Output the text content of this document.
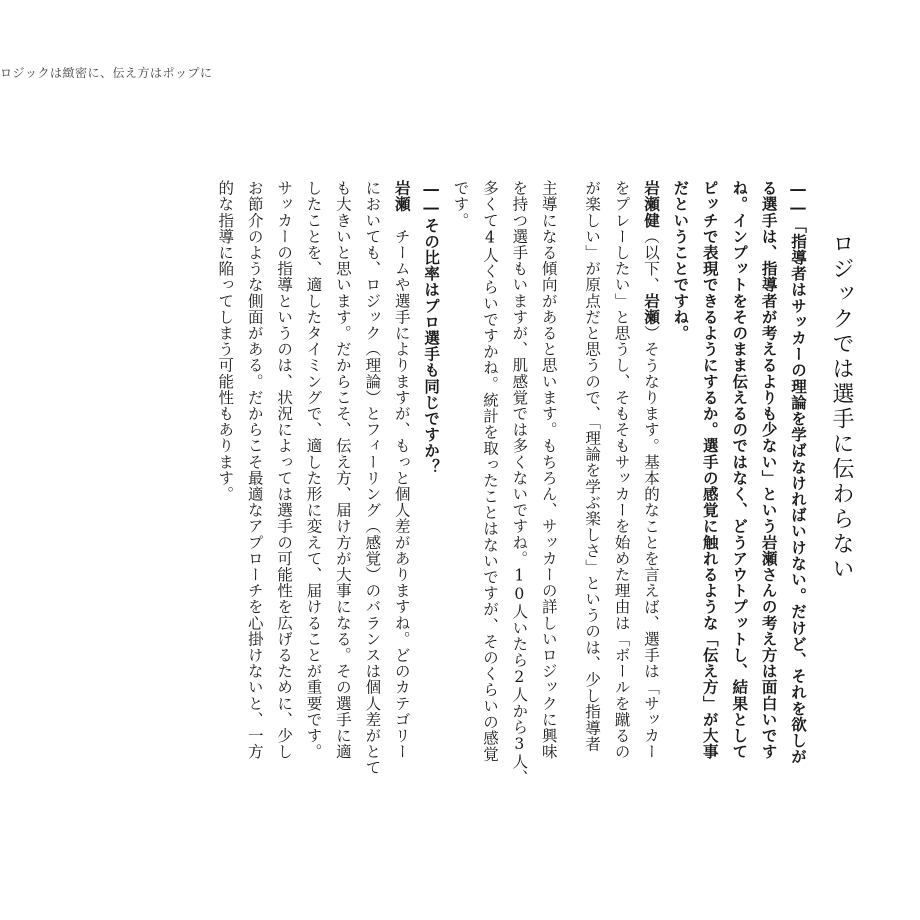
ロジックは緻密に、伝え方はポップに
ロジックでは選手に伝わらない
――「指導者はサッカーの理論を学ばなければいけない。だけど、それを欲しが
る選手は、指導者が考えるよりも少ない」という岩瀬さんの考え方は面白いです
ね。インプットをそのまま伝えるのではなく、どうアウトプットし、結果として
ピッチで表現できるようにするか。選手の感覚に触れるような「伝え方」が大事
だということですね。
岩瀬健（以下、岩瀬）そうなります。基本的なことを言えば、選手は「サッカー
をプレーしたい」と思うし、そもそもサッカーを始めた理由は「ボールを蹴るの
が楽しい」が原点だと思うので、「理論を学ぶ楽しさ」というのは、少し指導者
主導になる傾向があると思います。もちろん、サッカーの詳しいロジックに興味
を持つ選手もいますが、肌感覚では多くないですね。10人いたら2人から3人、
多くて4人くらいですかね。統計を取ったことはないですが、そのくらいの感覚
です。
――その比率はプロ選手も同じですか？
岩瀬　チームや選手によりますが、もっと個人差がありますね。どのカテゴリー
においても、ロジック（理論）とフィーリング（感覚）のバランスは個人差がとて
も大きいと思います。だからこそ、伝え方、届け方が大事になる。その選手に適
したことを、適したタイミングで、適した形に変えて、届けることが重要です。
サッカーの指導というのは、状況によっては選手の可能性を広げるために、少し
お節介のような側面がある。だからこそ最適なアプローチを心掛けないと、一方
的な指導に陥ってしまう可能性もあります。
